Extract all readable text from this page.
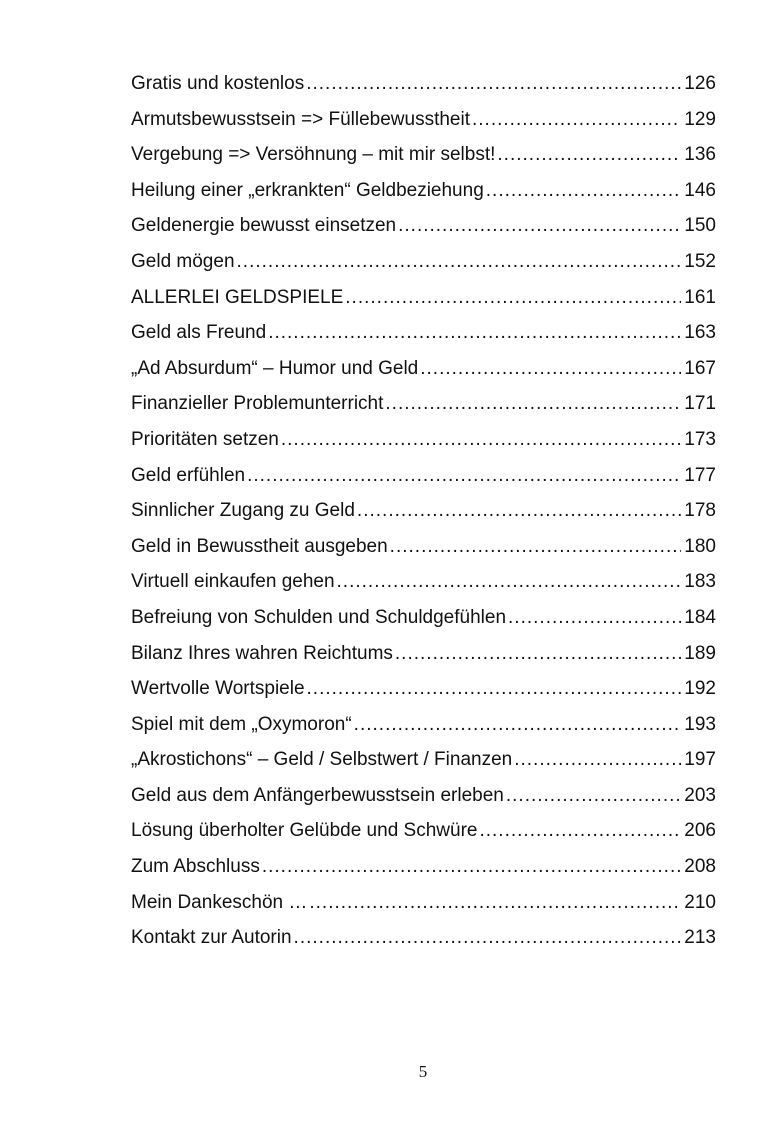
Gratis und kostenlos .....	126
Armutsbewusstsein => Füllebewusstheit .....	129
Vergebung => Versöhnung – mit mir selbst! .....	136
Heilung einer „erkrankten“ Geldbeziehung .....	146
Geldenergie bewusst einsetzen .....	150
Geld mögen .....	152
ALLERLEI GELDSPIELE .....	161
Geld als Freund .....	163
„Ad Absurdum“ – Humor und Geld .....	167
Finanzieller Problemunterricht .....	171
Prioritäten setzen .....	173
Geld erfühlen .....	177
Sinnlicher Zugang zu Geld .....	178
Geld in Bewusstheit ausgeben .....	180
Virtuell einkaufen gehen .....	183
Befreiung von Schulden und Schuldgefühlen .....	184
Bilanz Ihres wahren Reichtums .....	189
Wertvolle Wortspiele .....	192
Spiel mit dem „Oxymoron“ .....	193
„Akrostichons“ – Geld / Selbstwert / Finanzen .....	197
Geld aus dem Anfängerbewusstsein erleben .....	203
Lösung überholter Gelübde und Schwüre .....	206
Zum Abschluss .....	208
Mein Dankeschön … .....	210
Kontakt zur Autorin .....	213
5
